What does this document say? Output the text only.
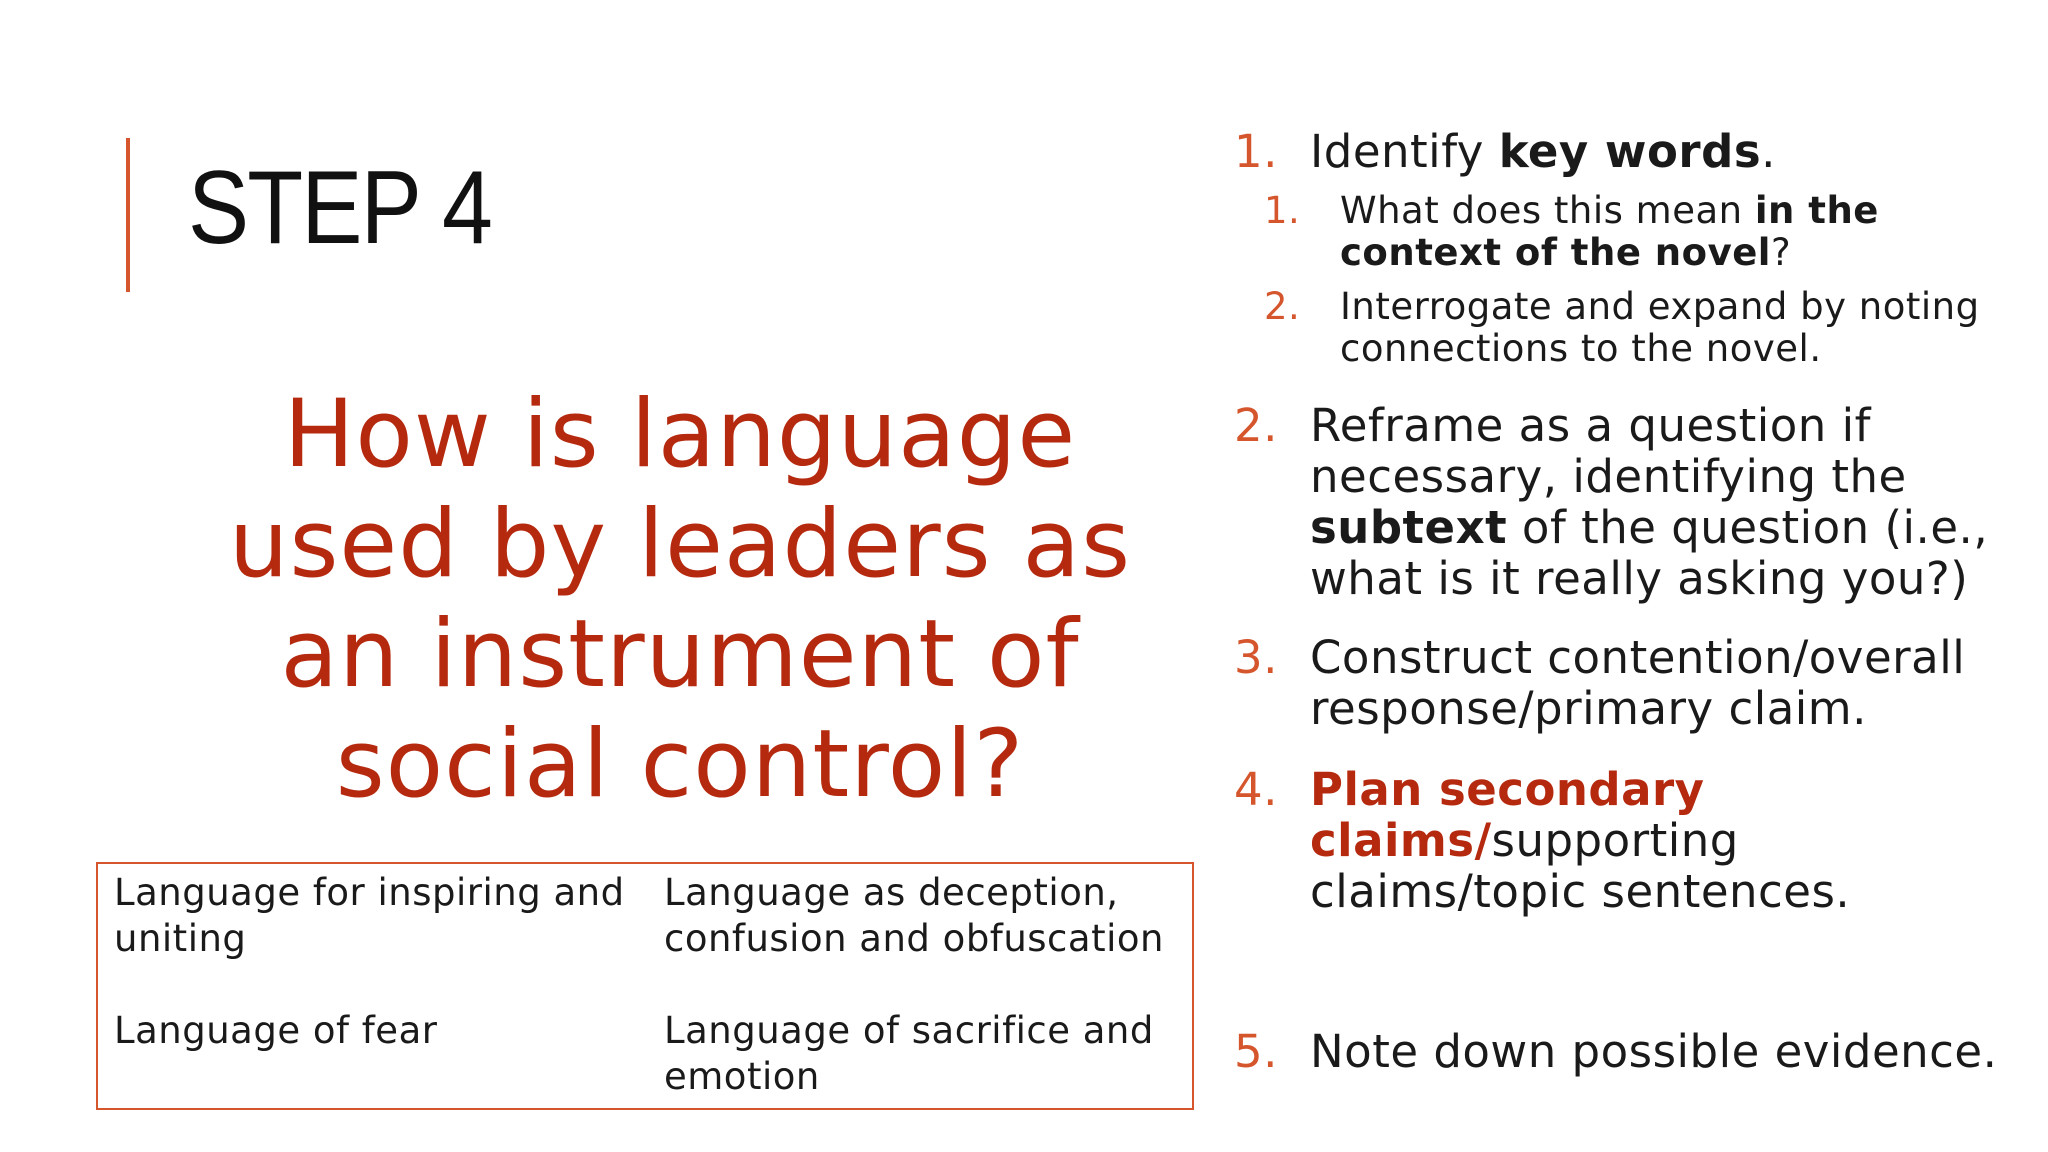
STEP 4
How is language used by leaders as an instrument of social control?
Language for inspiring and uniting
Language as deception, confusion and obfuscation
Language of fear	Language of sacrifice and emotion
1. Identify key words.
1. What does this mean in the context of the novel?
2. Interrogate and expand by noting connections to the novel.
2. Reframe as a question if necessary, identifying the subtext of the question (i.e., what is it really asking you?)
3. Construct contention/overall response/primary claim.
4. Plan secondary claims/supporting claims/topic sentences.
5. Note down possible evidence.
